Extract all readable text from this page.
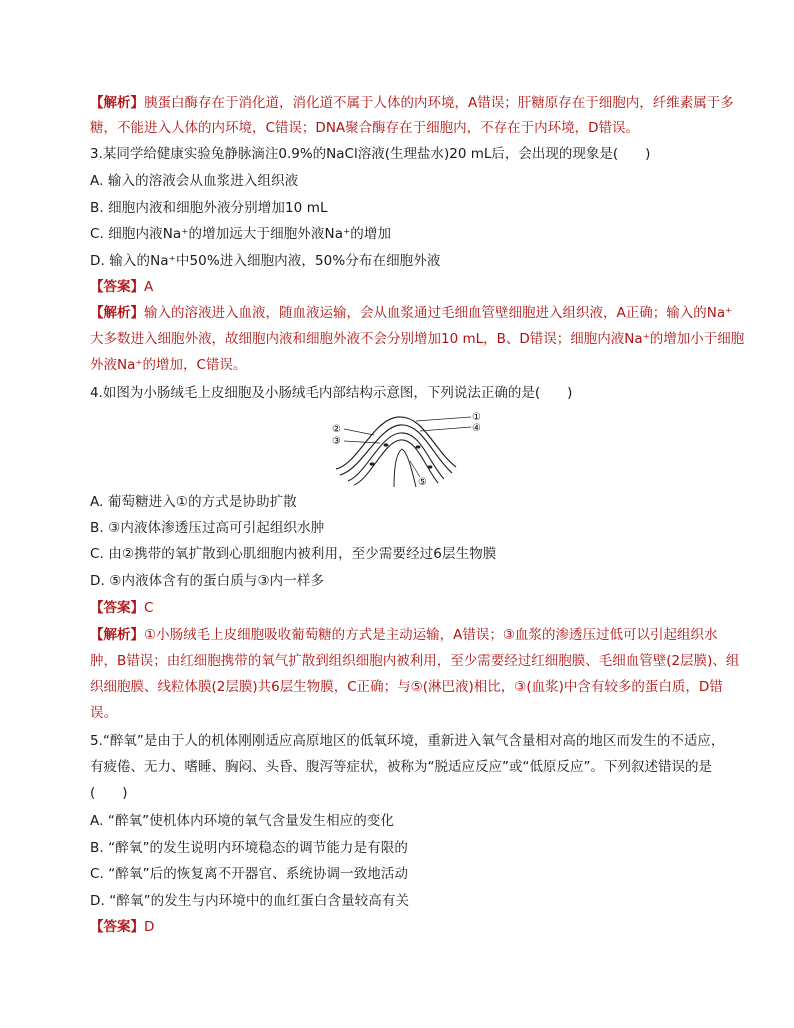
【解析】胰蛋白酶存在于消化道，消化道不属于人体的内环境，A错误；肝糖原存在于细胞内，纤维素属于多
糖，不能进入人体的内环境，C错误；DNA聚合酶存在于细胞内，不存在于内环境，D错误。
3.某同学给健康实验兔静脉滴注0.9%的NaCl溶液(生理盐水)20 mL后，会出现的现象是(　　)
A. 输入的溶液会从血浆进入组织液
B. 细胞内液和细胞外液分别增加10 mL
C. 细胞内液Na⁺的增加远大于细胞外液Na⁺的增加
D. 输入的Na⁺中50%进入细胞内液，50%分布在细胞外液
【答案】A
【解析】输入的溶液进入血液，随血液运输，会从血浆通过毛细血管壁细胞进入组织液，A正确；输入的Na⁺
大多数进入细胞外液，故细胞内液和细胞外液不会分别增加10 mL，B、D错误；细胞内液Na⁺的增加小于细胞
外液Na⁺的增加，C错误。
4.如图为小肠绒毛上皮细胞及小肠绒毛内部结构示意图，下列说法正确的是(　　)
①
④
②
③
⑤
A. 葡萄糖进入①的方式是协助扩散
B. ③内液体渗透压过高可引起组织水肿
C. 由②携带的氧扩散到心肌细胞内被利用，至少需要经过6层生物膜
D. ⑤内液体含有的蛋白质与③内一样多
【答案】C
【解析】①小肠绒毛上皮细胞吸收葡萄糖的方式是主动运输，A错误；③血浆的渗透压过低可以引起组织水
肿，B错误；由红细胞携带的氧气扩散到组织细胞内被利用，至少需要经过红细胞膜、毛细血管壁(2层膜)、组
织细胞膜、线粒体膜(2层膜)共6层生物膜，C正确；与⑤(淋巴液)相比，③(血浆)中含有较多的蛋白质，D错
误。
5.“醉氧”是由于人的机体刚刚适应高原地区的低氧环境，重新进入氧气含量相对高的地区而发生的不适应，
有疲倦、无力、嗜睡、胸闷、头昏、腹泻等症状，被称为“脱适应反应”或“低原反应”。下列叙述错误的是
(　　)
A. “醉氧”使机体内环境的氧气含量发生相应的变化
B. “醉氧”的发生说明内环境稳态的调节能力是有限的
C. “醉氧”后的恢复离不开器官、系统协调一致地活动
D. “醉氧”的发生与内环境中的血红蛋白含量较高有关
【答案】D
